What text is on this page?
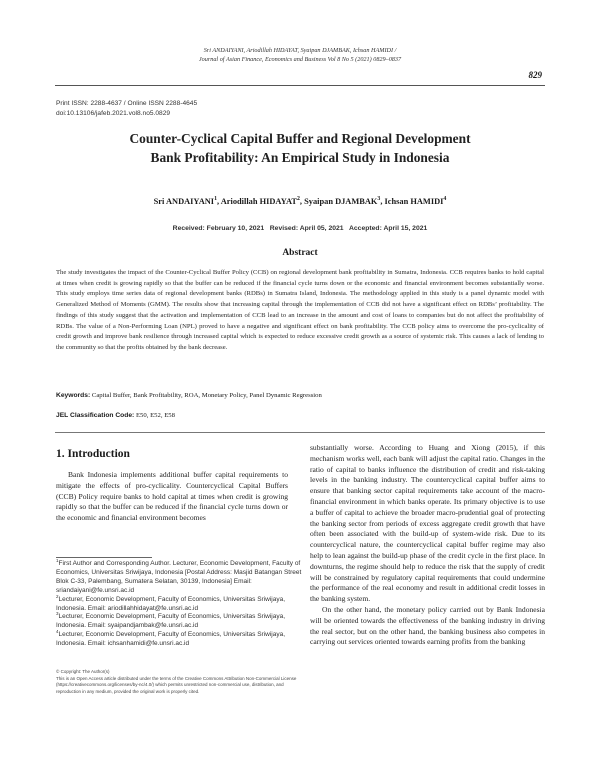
Sri ANDAIYANI, Ariodillah HIDAYAT, Syaipan DJAMBAK, Ichsan HAMIDI /
Journal of Asian Finance, Economics and Business Vol 8 No 5 (2021) 0829–0837
829
Print ISSN: 2288-4637 / Online ISSN 2288-4645
doi:10.13106/jafeb.2021.vol8.no5.0829
Counter-Cyclical Capital Buffer and Regional Development
Bank Profitability: An Empirical Study in Indonesia
Sri ANDAIYANI$^1$, Ariodillah HIDAYAT$^2$, Syaipan DJAMBAK$^3$, Ichsan HAMIDI$^4$
Received: February 10, 2021   Revised: April 05, 2021   Accepted: April 15, 2021
Abstract
The study investigates the impact of the Counter-Cyclical Buffer Policy (CCB) on regional development bank profitability in Sumatra, Indonesia. CCB requires banks to hold capital at times when credit is growing rapidly so that the buffer can be reduced if the financial cycle turns down or the economic and financial environment becomes substantially worse. This study employs time series data of regional development banks (RDBs) in Sumatra Island, Indonesia. The methodology applied in this study is a panel dynamic model with Generalized Method of Moments (GMM). The results show that increasing capital through the implementation of CCB did not have a significant effect on RDBs’ profitability. The findings of this study suggest that the activation and implementation of CCB lead to an increase in the amount and cost of loans to companies but do not affect the profitability of RDBs. The value of a Non-Performing Loan (NPL) proved to have a negative and significant effect on bank profitability. The CCB policy aims to overcome the pro-cyclicality of credit growth and improve bank resilience through increased capital which is expected to reduce excessive credit growth as a source of systemic risk. This causes a lack of lending to the community so that the profits obtained by the bank decrease.
Keywords: Capital Buffer, Bank Profitability, ROA, Monetary Policy, Panel Dynamic Regression
JEL Classification Code: E50, E52, E58
1. Introduction

Bank Indonesia implements additional buffer capital requirements to mitigate the effects of pro-cyclicality. Countercyclical Capital Buffers (CCB) Policy require banks to hold capital at times when credit is growing rapidly so that the buffer can be reduced if the financial cycle turns down or the economic and financial environment becomes

$^1$First Author and Corresponding Author. Lecturer, Economic Development, Faculty of Economics, Universitas Sriwijaya, Indonesia [Postal Address: Masjid Batangan Street Blok C-33, Palembang, Sumatera Selatan, 30139, Indonesia] Email: sriandaiyani@fe.unsri.ac.id
$^2$Lecturer, Economic Development, Faculty of Economics, Universitas Sriwijaya, Indonesia. Email: ariodillahhidayat@fe.unsri.ac.id
$^3$Lecturer, Economic Development, Faculty of Economics, Universitas Sriwijaya, Indonesia. Email: syaipandjambak@fe.unsri.ac.id
$^4$Lecturer, Economic Development, Faculty of Economics, Universitas Sriwijaya, Indonesia. Email: ichsanhamidi@fe.unsri.ac.id
© Copyright: The Author(s)
This is an Open Access article distributed under the terms of the Creative Commons Attribution Non-Commercial License (https://creativecommons.org/licenses/by-nc/4.0/) which permits unrestricted non-commercial use, distribution, and reproduction in any medium, provided the original work is properly cited.

substantially worse. According to Huang and Xiong (2015), if this mechanism works well, each bank will adjust the capital ratio. Changes in the ratio of capital to banks influence the distribution of credit and risk-taking levels in the banking industry. The countercyclical capital buffer aims to ensure that banking sector capital requirements take account of the macro-financial environment in which banks operate. Its primary objective is to use a buffer of capital to achieve the broader macro-prudential goal of protecting the banking sector from periods of excess aggregate credit growth that have often been associated with the build-up of system-wide risk. Due to its countercyclical nature, the countercyclical capital buffer regime may also help to lean against the build-up phase of the credit cycle in the first place. In downturns, the regime should help to reduce the risk that the supply of credit will be constrained by regulatory capital requirements that could undermine the performance of the real economy and result in additional credit losses in the banking system.

On the other hand, the monetary policy carried out by Bank Indonesia will be oriented towards the effectiveness of the banking industry in driving the real sector, but on the other hand, the banking business also competes in carrying out services oriented towards earning profits from the banking
